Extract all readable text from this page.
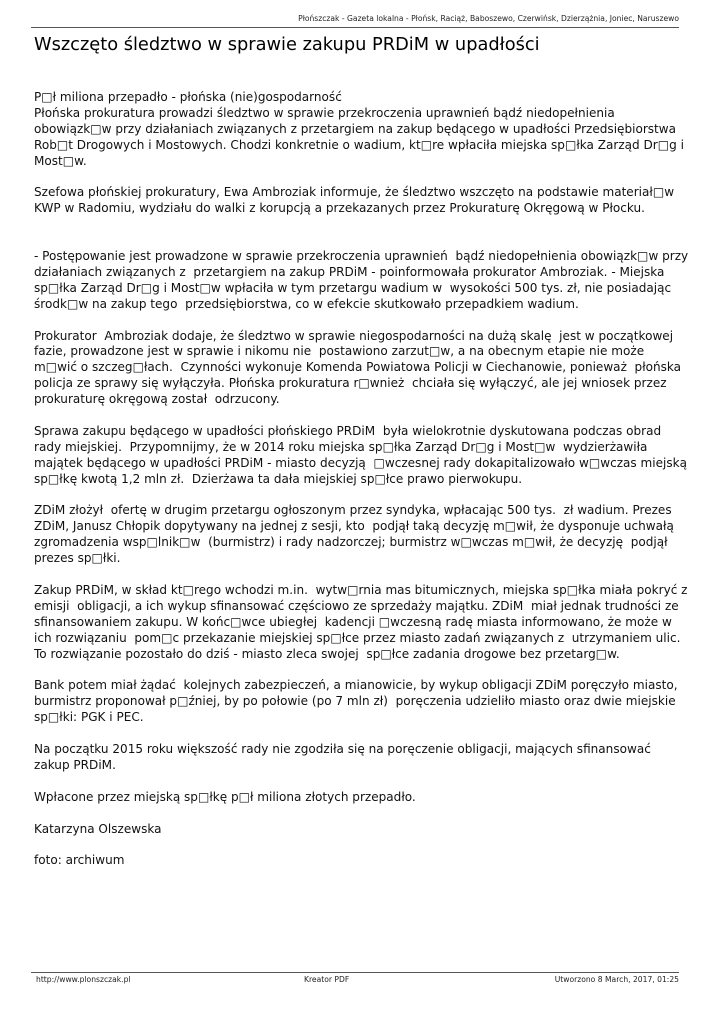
Płońszczak - Gazeta lokalna - Płońsk, Raciąż, Baboszewo, Czerwińsk, Dzierzążnia, Joniec, Naruszewo
Wszczęto śledztwo w sprawie zakupu PRDiM w upadłości

P□ł miliona przepadło - płońska (nie)gospodarność
Płońska prokuratura prowadzi śledztwo w sprawie przekroczenia uprawnień bądź niedopełnienia obowiązk□w przy działaniach związanych z przetargiem na zakup będącego w upadłości Przedsiębiorstwa Rob□t Drogowych i Mostowych. Chodzi konkretnie o wadium, kt□re wpłaciła miejska sp□łka Zarząd Dr□g i Most□w.

Szefowa płońskiej prokuratury, Ewa Ambroziak informuje, że śledztwo wszczęto na podstawie materiał□w KWP w Radomiu, wydziału do walki z korupcją a przekazanych przez Prokuraturę Okręgową w Płocku.

- Postępowanie jest prowadzone w sprawie przekroczenia uprawnień  bądź niedopełnienia obowiązk□w przy działaniach związanych z  przetargiem na zakup PRDiM - poinformowała prokurator Ambroziak. - Miejska sp□łka Zarząd Dr□g i Most□w wpłaciła w tym przetargu wadium w  wysokości 500 tys. zł, nie posiadając środk□w na zakup tego  przedsiębiorstwa, co w efekcie skutkowało przepadkiem wadium.

Prokurator  Ambroziak dodaje, że śledztwo w sprawie niegospodarności na dużą skalę  jest w początkowej fazie, prowadzone jest w sprawie i nikomu nie  postawiono zarzut□w, a na obecnym etapie nie może m□wić o szczeg□łach.  Czynności wykonuje Komenda Powiatowa Policji w Ciechanowie, ponieważ  płońska policja ze sprawy się wyłączyła. Płońska prokuratura r□wnież  chciała się wyłączyć, ale jej wniosek przez prokuraturę okręgową został  odrzucony.

Sprawa zakupu będącego w upadłości płońskiego PRDiM  była wielokrotnie dyskutowana podczas obrad rady miejskiej.  Przypomnijmy, że w 2014 roku miejska sp□łka Zarząd Dr□g i Most□w  wydzierżawiła majątek będącego w upadłości PRDiM - miasto decyzją  □wczesnej rady dokapitalizowało w□wczas miejską sp□łkę kwotą 1,2 mln zł.  Dzierżawa ta dała miejskiej sp□łce prawo pierwokupu.

ZDiM złożył  ofertę w drugim przetargu ogłoszonym przez syndyka, wpłacając 500 tys.  zł wadium. Prezes ZDiM, Janusz Chłopik dopytywany na jednej z sesji, kto  podjął taką decyzję m□wił, że dysponuje uchwałą zgromadzenia wsp□lnik□w  (burmistrz) i rady nadzorczej; burmistrz w□wczas m□wił, że decyzję  podjął prezes sp□łki.

Zakup PRDiM, w skład kt□rego wchodzi m.in.  wytw□rnia mas bitumicznych, miejska sp□łka miała pokryć z emisji  obligacji, a ich wykup sfinansować częściowo ze sprzedaży majątku. ZDiM  miał jednak trudności ze sfinansowaniem zakupu. W końc□wce ubiegłej  kadencji □wczesną radę miasta informowano, że może w ich rozwiązaniu  pom□c przekazanie miejskiej sp□łce przez miasto zadań związanych z  utrzymaniem ulic. To rozwiązanie pozostało do dziś - miasto zleca swojej  sp□łce zadania drogowe bez przetarg□w.

Bank potem miał żądać  kolejnych zabezpieczeń, a mianowicie, by wykup obligacji ZDiM poręczyło miasto, burmistrz proponował p□źniej, by po połowie (po 7 mln zł)  poręczenia udzieliło miasto oraz dwie miejskie sp□łki: PGK i PEC.

Na początku 2015 roku większość rady nie zgodziła się na poręczenie obligacji, mających sfinansować zakup PRDiM.

Wpłacone przez miejską sp□łkę p□ł miliona złotych przepadło.

Katarzyna Olszewska

foto: archiwum

http://www.plonszczak.pl	Kreator PDF	Utworzono 8 March, 2017, 01:25
